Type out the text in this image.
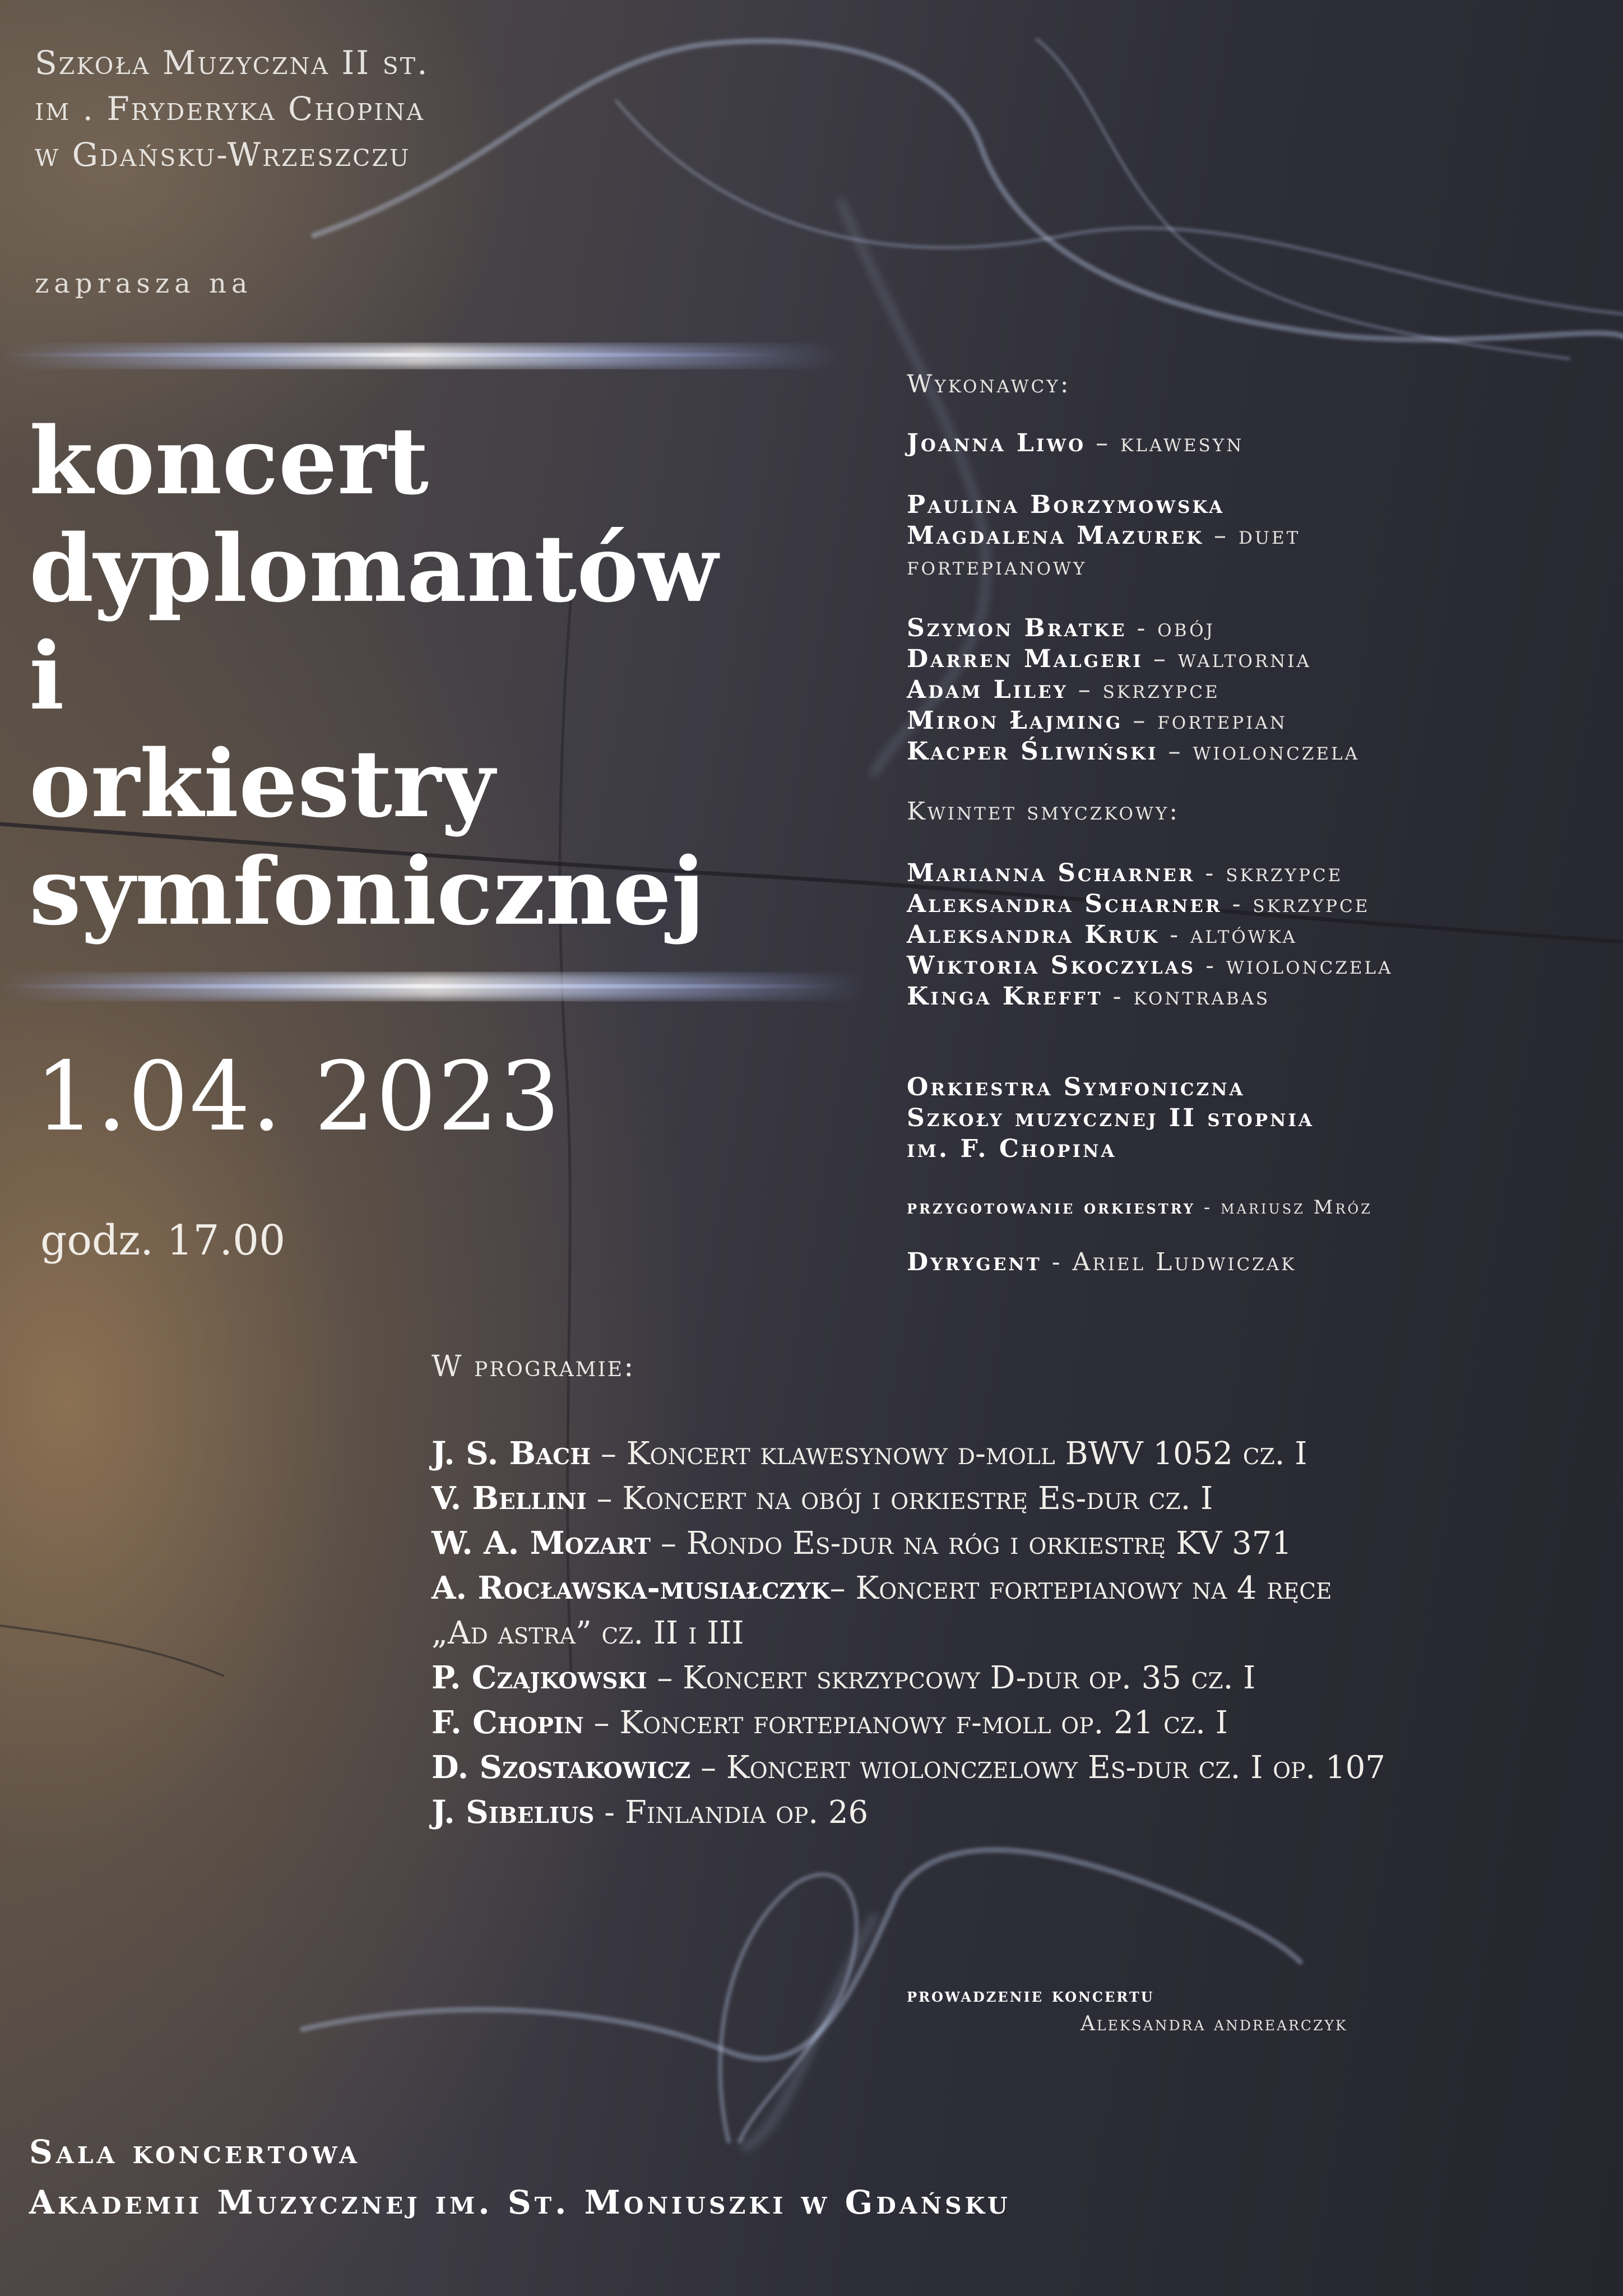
Szkoła Muzyczna II st.
im . Fryderyka Chopina
w Gdańsku-Wrzeszczu
zaprasza na
koncert
dyplomantów
i
orkiestry
symfonicznej
1.04. 2023
godz. 17.00
Wykonawcy:
Joanna Liwo – klawesyn
Paulina Borzymowska
Magdalena Mazurek – duet
fortepianowy
Szymon Bratke - obój
Darren Malgeri – waltornia
Adam Liley – skrzypce
Miron Łajming – fortepian
Kacper Śliwiński – wiolonczela
Kwintet smyczkowy:
Marianna Scharner - skrzypce
Aleksandra Scharner - skrzypce
Aleksandra Kruk - altówka
Wiktoria Skoczylas - wiolonczela
Kinga Krefft - kontrabas
Orkiestra Symfoniczna
Szkoły muzycznej II stopnia
im. F. Chopina
przygotowanie orkiestry - mariusz Mróz
Dyrygent - Ariel Ludwiczak
W programie:
J. S. Bach – Koncert klawesynowy d-moll BWV 1052 cz. I
V. Bellini – Koncert na obój i orkiestrę Es-dur cz. I
W. A. Mozart – Rondo Es-dur na róg i orkiestrę KV 371
A. Rocławska-musiałczyk– Koncert fortepianowy na 4 ręce
„Ad astra” cz. II i III
P. Czajkowski – Koncert skrzypcowy D-dur op. 35 cz. I
F. Chopin – Koncert fortepianowy f-moll op. 21 cz. I
D. Szostakowicz – Koncert wiolonczelowy Es-dur cz. I op. 107
J. Sibelius - Finlandia op. 26
prowadzenie koncertu
Aleksandra andrearczyk
Sala koncertowa
Akademii Muzycznej im. St. Moniuszki w Gdańsku
